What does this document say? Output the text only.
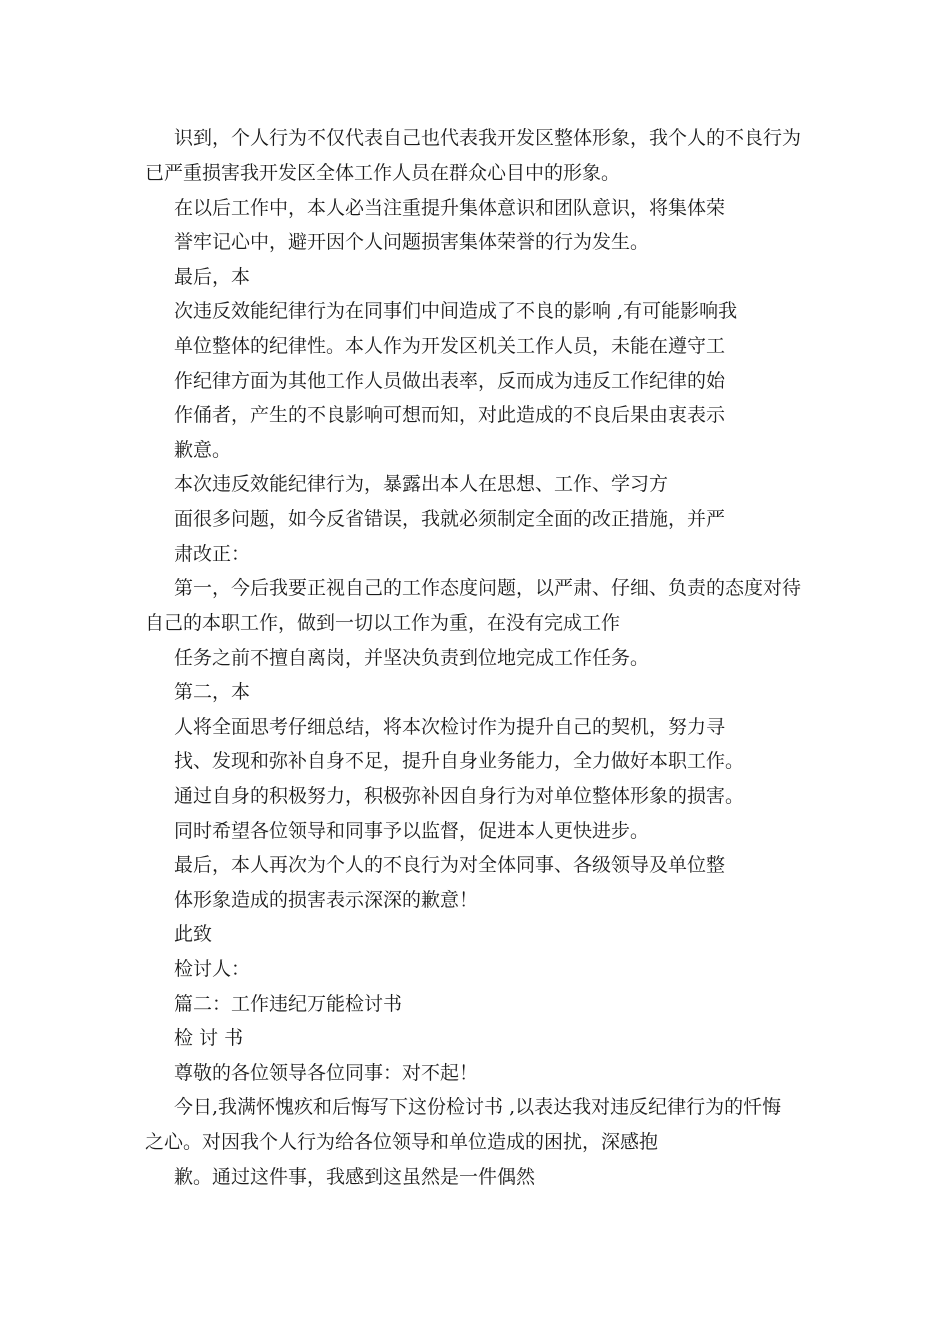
识到，个人行为不仅代表自己也代表我开发区整体形象，我个人的不良行为
已严重损害我开发区全体工作人员在群众心目中的形象。
在以后工作中，本人必当注重提升集体意识和团队意识，将集体荣
誉牢记心中，避开因个人问题损害集体荣誉的行为发生。
最后，本
次违反效能纪律行为在同事们中间造成了不良的影响 ,有可能影响我
单位整体的纪律性。本人作为开发区机关工作人员，未能在遵守工
作纪律方面为其他工作人员做出表率，反而成为违反工作纪律的始
作俑者，产生的不良影响可想而知，对此造成的不良后果由衷表示
歉意。
本次违反效能纪律行为，暴露出本人在思想、工作、学习方
面很多问题，如今反省错误，我就必须制定全面的改正措施，并严
肃改正：
第一，今后我要正视自己的工作态度问题，以严肃、仔细、负责的态度对待
自己的本职工作，做到一切以工作为重，在没有完成工作
任务之前不擅自离岗，并坚决负责到位地完成工作任务。
第二，本
人将全面思考仔细总结，将本次检讨作为提升自己的契机，努力寻
找、发现和弥补自身不足，提升自身业务能力，全力做好本职工作。
通过自身的积极努力，积极弥补因自身行为对单位整体形象的损害。
同时希望各位领导和同事予以监督，促进本人更快进步。
最后，本人再次为个人的不良行为对全体同事、各级领导及单位整
体形象造成的损害表示深深的歉意！
此致
检讨人：
篇二：工作违纪万能检讨书
检 讨 书
尊敬的各位领导各位同事：对不起！
今日,我满怀愧疚和后悔写下这份检讨书 ,以表达我对违反纪律行为的忏悔
之心。对因我个人行为给各位领导和单位造成的困扰，深感抱
歉。通过这件事，我感到这虽然是一件偶然
